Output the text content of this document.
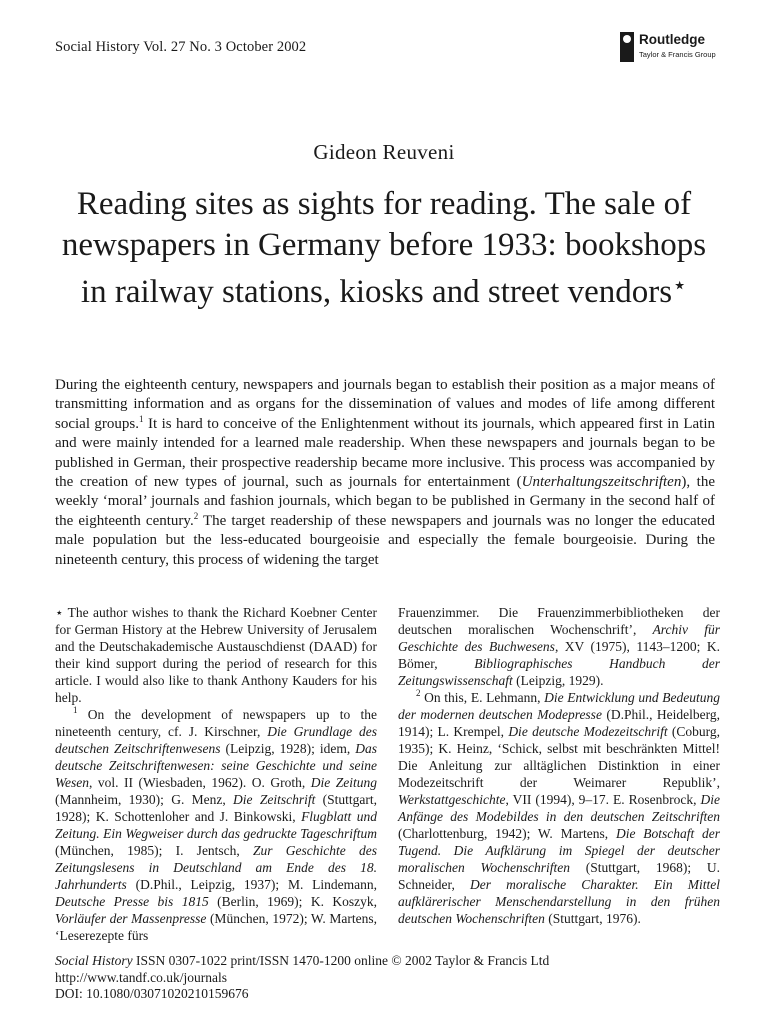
Social History Vol. 27 No. 3 October 2002	Routledge
Taylor & Francis Group
Gideon Reuveni
Reading sites as sights for reading. The sale of newspapers in Germany before 1933: bookshops in railway stations, kiosks and street vendors⋆

During the eighteenth century, newspapers and journals began to establish their position as a major means of transmitting information and as organs for the dissemination of values and modes of life among different social groups.$^1$ It is hard to conceive of the Enlightenment without its journals, which appeared first in Latin and were mainly intended for a learned male readership. When these newspapers and journals began to be published in German, their prospective readership became more inclusive. This process was accompanied by the creation of new types of journal, such as journals for entertainment (Unterhaltungszeitschriften), the weekly ‘moral’ journals and fashion journals, which began to be published in Germany in the second half of the eighteenth century.$^2$ The target readership of these newspapers and journals was no longer the educated male population but the less-educated bourgeoisie and especially the female bourgeoisie. During the nineteenth century, this process of widening the target

⋆ The author wishes to thank the Richard Koebner Center for German History at the Hebrew University of Jerusalem and the Deutschakademische Austauschdienst (DAAD) for their kind support during the period of research for this article. I would also like to thank Anthony Kauders for his help.

$^1$ On the development of newspapers up to the nineteenth century, cf. J. Kirschner, Die Grundlage des deutschen Zeitschriftenwesens (Leipzig, 1928); idem, Das deutsche Zeitschriftenwesen: seine Geschichte und seine Wesen, vol. II (Wiesbaden, 1962). O. Groth, Die Zeitung (Mannheim, 1930); G. Menz, Die Zeitschrift (Stuttgart, 1928); K. Schottenloher and J. Binkowski, Flugblatt und Zeitung. Ein Wegweiser durch das gedruckte Tageschriftum (München, 1985); I. Jentsch, Zur Geschichte des Zeitungslesens in Deutschland am Ende des 18. Jahrhunderts (D.Phil., Leipzig, 1937); M. Lindemann, Deutsche Presse bis 1815 (Berlin, 1969); K. Koszyk, Vorläufer der Massenpresse (München, 1972); W. Martens, ‘Leserezepte fürs

Frauenzimmer. Die Frauenzimmerbibliotheken der deutschen moralischen Wochenschrift’, Archiv für Geschichte des Buchwesens, XV (1975), 1143–1200; K. Bömer, Bibliographisches Handbuch der Zeitungswissenschaft (Leipzig, 1929).

$^2$ On this, E. Lehmann, Die Entwicklung und Bedeutung der modernen deutschen Modepresse (D.Phil., Heidelberg, 1914); L. Krempel, Die deutsche Modezeitschrift (Coburg, 1935); K. Heinz, ‘Schick, selbst mit beschränkten Mittel! Die Anleitung zur alltäglichen Distinktion in einer Modezeitschrift der Weimarer Republik’, Werkstattgeschichte, VII (1994), 9–17. E. Rosenbrock, Die Anfänge des Modebildes in den deutschen Zeitschriften (Charlottenburg, 1942); W. Martens, Die Botschaft der Tugend. Die Aufklärung im Spiegel der deutscher moralischen Wochenschriften (Stuttgart, 1968); U. Schneider, Der moralische Charakter. Ein Mittel aufklärerischer Menschendarstellung in den frühen deutschen Wochenschriften (Stuttgart, 1976).

Social History ISSN 0307-1022 print/ISSN 1470-1200 online © 2002 Taylor & Francis Ltd
http://www.tandf.co.uk/journals
DOI: 10.1080/03071020210159676
